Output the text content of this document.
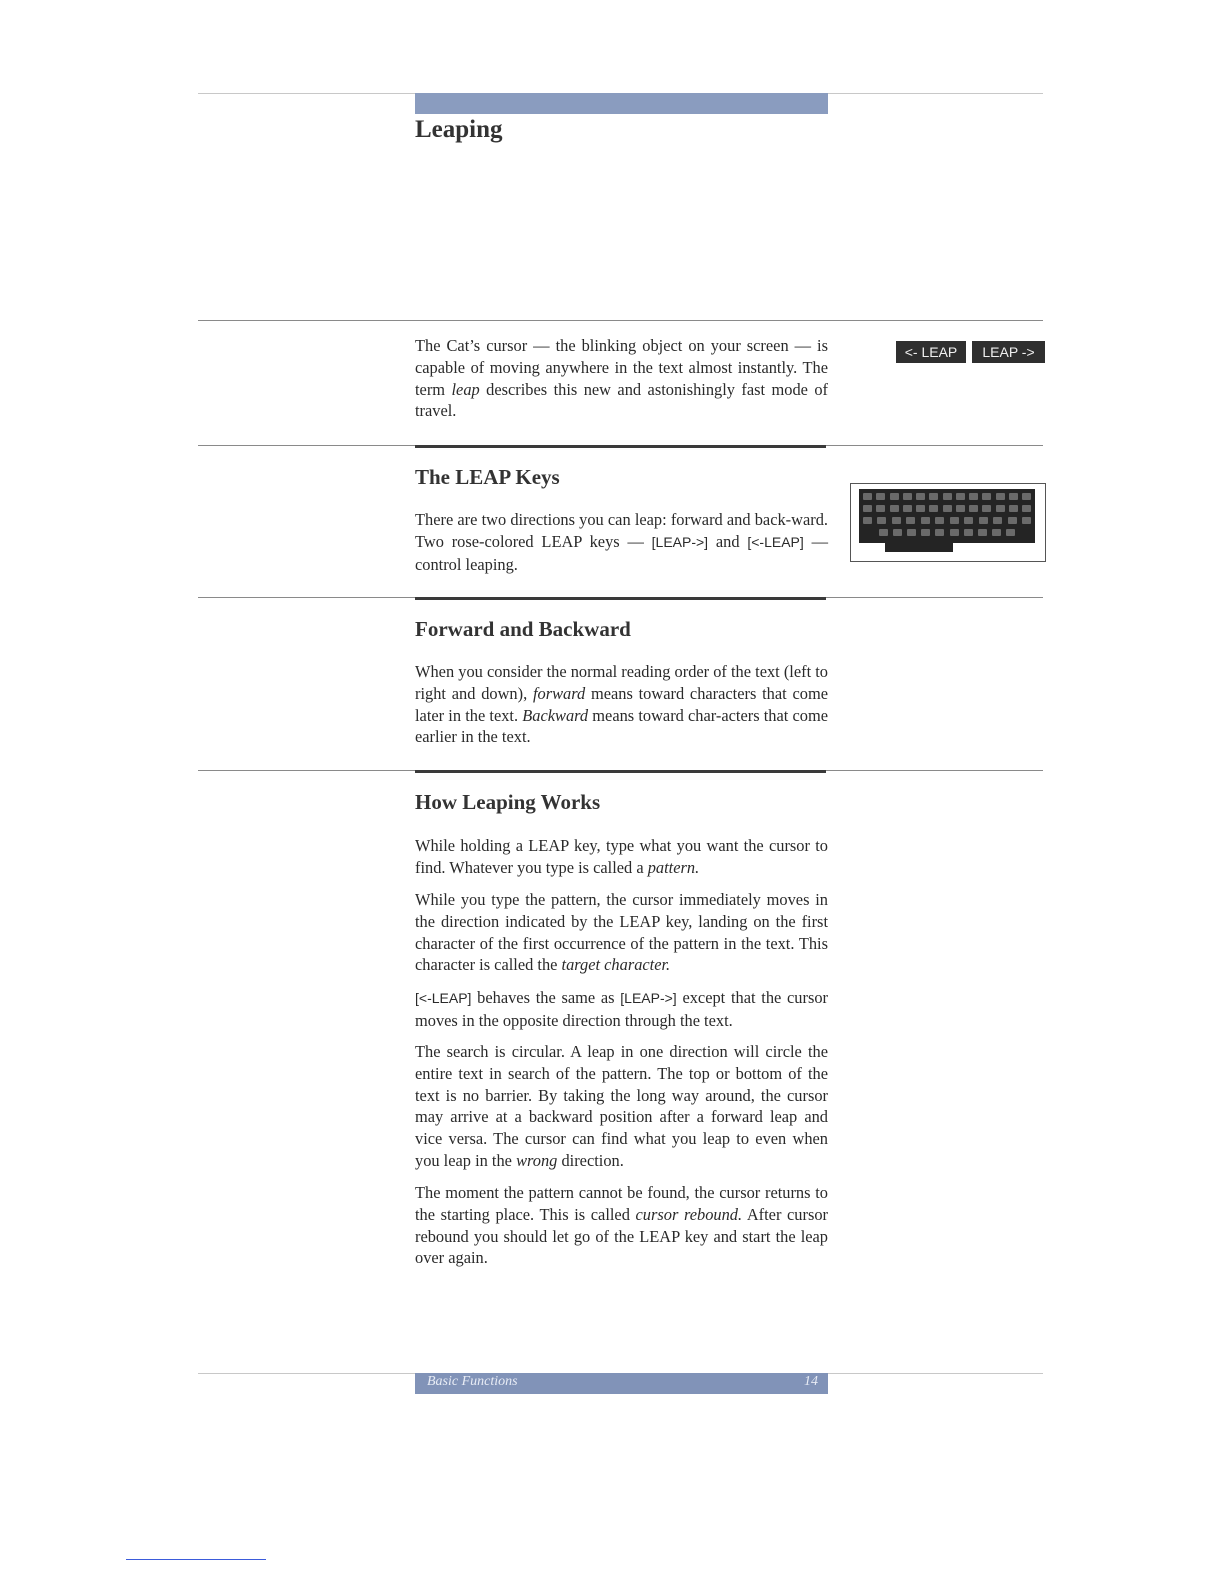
Leaping

The Cat’s cursor — the blinking object on your screen — is capable of moving anywhere in the text almost instantly. The term leap describes this new and astonishingly fast mode of travel.

<- LEAP	LEAP ->
The LEAP Keys

There are two directions you can leap: forward and back-ward. Two rose-colored LEAP keys — [LEAP->] and [<-LEAP] — control leaping.

Forward and Backward

When you consider the normal reading order of the text (left to right and down), forward means toward characters that come later in the text. Backward means toward char-acters that come earlier in the text.

How Leaping Works

While holding a LEAP key, type what you want the cursor to find. Whatever you type is called a pattern.

While you type the pattern, the cursor immediately moves in the direction indicated by the LEAP key, landing on the first character of the first occurrence of the pattern in the text. This character is called the target character.

[<-LEAP] behaves the same as [LEAP->] except that the cursor moves in the opposite direction through the text.

The search is circular. A leap in one direction will circle the entire text in search of the pattern. The top or bottom of the text is no barrier. By taking the long way around, the cursor may arrive at a backward position after a forward leap and vice versa. The cursor can find what you leap to even when you leap in the wrong direction.

The moment the pattern cannot be found, the cursor returns to the starting place. This is called cursor rebound. After cursor rebound you should let go of the LEAP key and start the leap over again.

Basic Functions	14
